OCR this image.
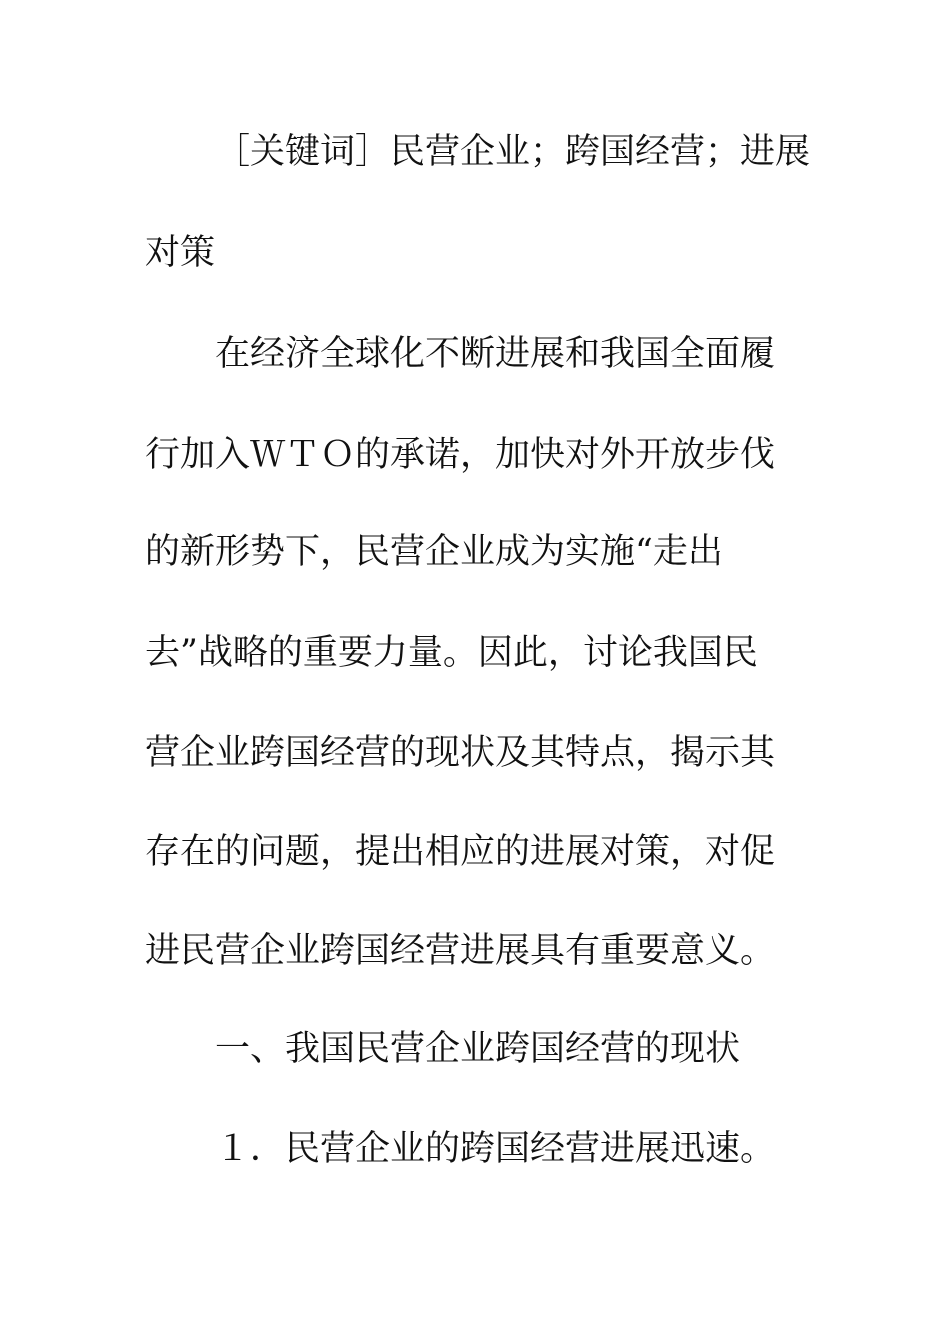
［关键词］民营企业；跨国经营；进展
对策
在经济全球化不断进展和我国全面履
行加入ＷＴＯ的承诺，加快对外开放步伐
的新形势下，民营企业成为实施“走出
去”战略的重要力量。因此，讨论我国民
营企业跨国经营的现状及其特点，揭示其
存在的问题，提出相应的进展对策，对促
进民营企业跨国经营进展具有重要意义。
一、我国民营企业跨国经营的现状
１．民营企业的跨国经营进展迅速。
